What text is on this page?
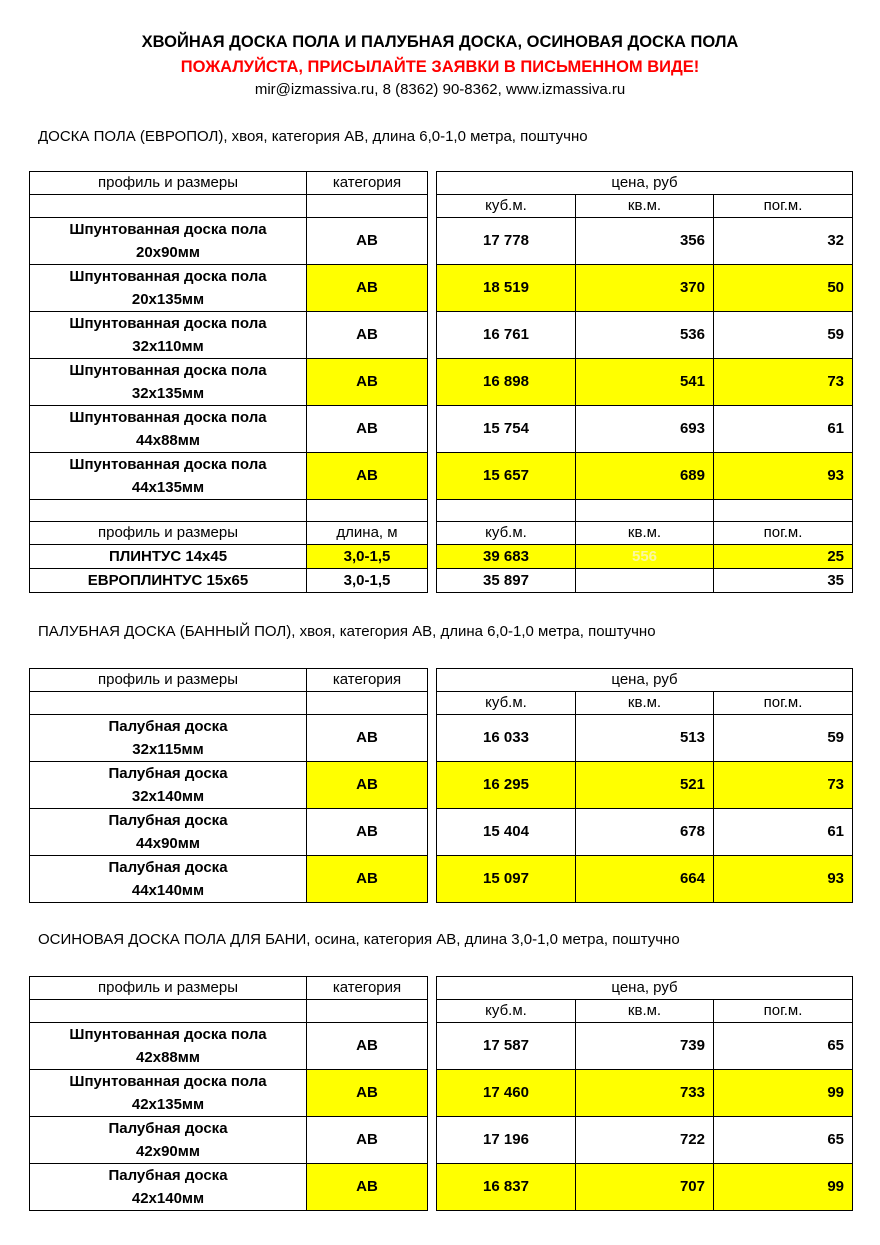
ХВОЙНАЯ ДОСКА ПОЛА И ПАЛУБНАЯ ДОСКА, ОСИНОВАЯ ДОСКА ПОЛА
ПОЖАЛУЙСТА, ПРИСЫЛАЙТЕ ЗАЯВКИ В ПИСЬМЕННОМ ВИДЕ!
mir@izmassiva.ru, 8 (8362) 90-8362, www.izmassiva.ru
ДОСКА ПОЛА (ЕВРОПОЛ), хвоя, категория АВ, длина 6,0-1,0 метра, поштучно
профиль и размеры	категория		цена, руб		
			куб.м.	кв.м.	пог.м.
Шпунтованная доска пола
20х90мм	АВ		17 778	356	32
Шпунтованная доска пола
20х135мм	АВ		18 519	370	50
Шпунтованная доска пола
32х110мм	АВ		16 761	536	59
Шпунтованная доска пола
32х135мм	АВ		16 898	541	73
Шпунтованная доска пола
44х88мм	АВ		15 754	693	61
Шпунтованная доска пола
44х135мм	АВ		15 657	689	93

профиль и размеры	длина, м		куб.м.	кв.м.	пог.м.
ПЛИНТУС 14х45	3,0-1,5		39 683	556	25
ЕВРОПЛИНТУС 15х65	3,0-1,5		35 897		35
ПАЛУБНАЯ ДОСКА (БАННЫЙ ПОЛ), хвоя, категория АВ, длина 6,0-1,0 метра, поштучно
профиль и размеры	категория		цена, руб		
			куб.м.	кв.м.	пог.м.
Палубная доска
32х115мм	АВ		16 033	513	59
Палубная доска
32х140мм	АВ		16 295	521	73
Палубная доска
44х90мм	АВ		15 404	678	61
Палубная доска
44х140мм	АВ		15 097	664	93
ОСИНОВАЯ ДОСКА ПОЛА ДЛЯ БАНИ, осина, категория АВ, длина 3,0-1,0 метра, поштучно
профиль и размеры	категория		цена, руб		
			куб.м.	кв.м.	пог.м.
Шпунтованная доска пола
42х88мм	АВ		17 587	739	65
Шпунтованная доска пола
42х135мм	АВ		17 460	733	99
Палубная доска
42х90мм	АВ		17 196	722	65
Палубная доска
42х140мм	АВ		16 837	707	99
